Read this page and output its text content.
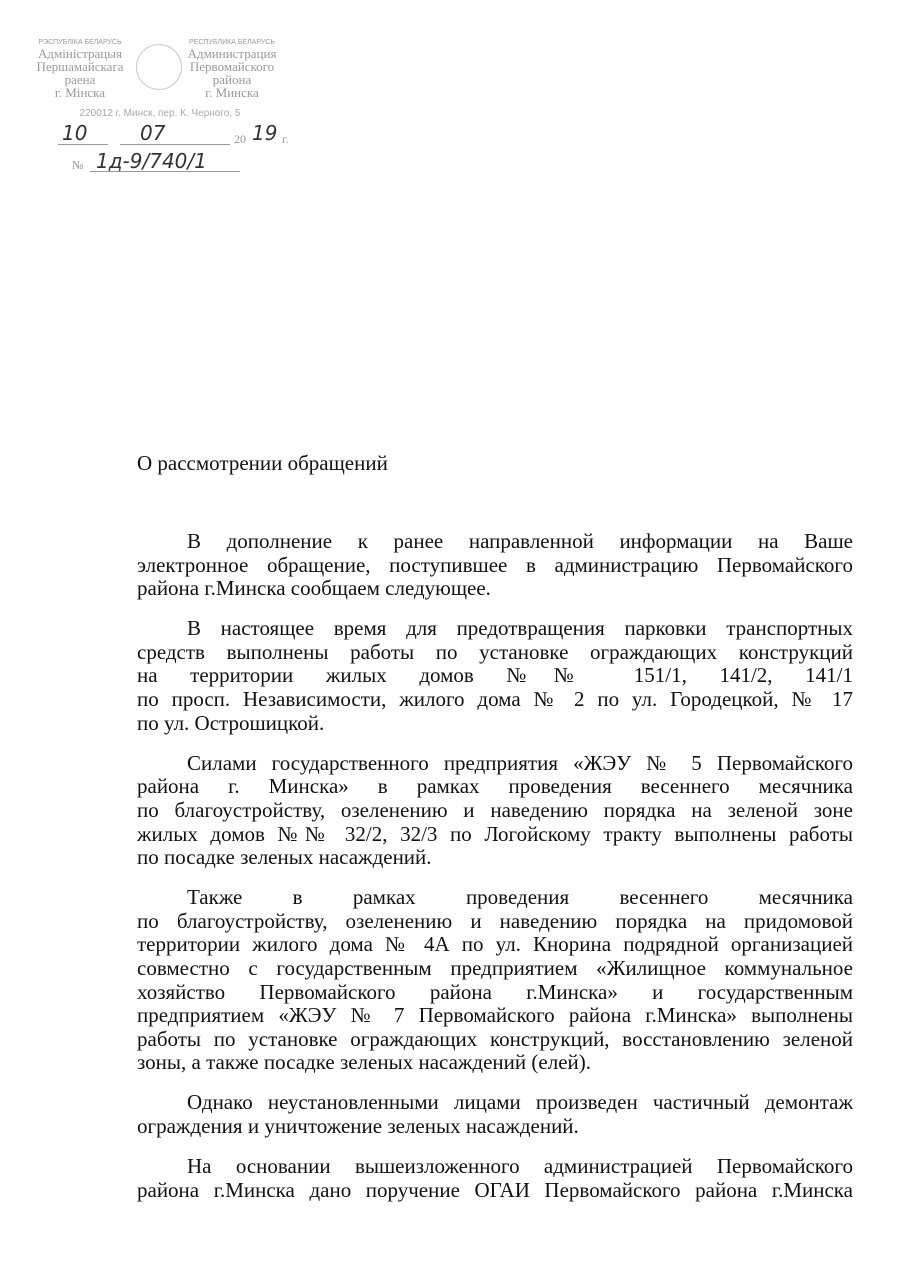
РЭСПУБЛІКА БЕЛАРУСЬ
Адміністрацыя
Першамайскага
раена
г. Мінска
РЕСПУБЛИКА БЕЛАРУСЬ
Администрация
Первомайского
района
г. Минска
220012 г. Минск, пер. К. Черного, 5
10	07	20 19 г.
№ 1д-9/740/1
О рассмотрении обращений
В дополнение к ранее направленной информации на Ваше
электронное обращение, поступившее в администрацию Первомайского
района г.Минска сообщаем следующее.
В настоящее время для предотвращения парковки транспортных
средств выполнены работы по установке ограждающих конструкций
на территории жилых домов №№ 151/1, 141/2, 141/1
по просп. Независимости, жилого дома № 2 по ул. Городецкой, № 17
по ул. Острошицкой.
Силами государственного предприятия «ЖЭУ № 5 Первомайского
района г. Минска» в рамках проведения весеннего месячника
по благоустройству, озеленению и наведению порядка на зеленой зоне
жилых домов №№ 32/2, 32/3 по Логойскому тракту выполнены работы
по посадке зеленых насаждений.
Также в рамках проведения весеннего месячника
по благоустройству, озеленению и наведению порядка на придомовой
территории жилого дома № 4А по ул. Кнорина подрядной организацией
совместно с государственным предприятием «Жилищное коммунальное
хозяйство Первомайского района г.Минска» и государственным
предприятием «ЖЭУ № 7 Первомайского района г.Минска» выполнены
работы по установке ограждающих конструкций, восстановлению зеленой
зоны, а также посадке зеленых насаждений (елей).
Однако неустановленными лицами произведен частичный демонтаж
ограждения и уничтожение зеленых насаждений.
На основании вышеизложенного администрацией Первомайского
района г.Минска дано поручение ОГАИ Первомайского района г.Минска
